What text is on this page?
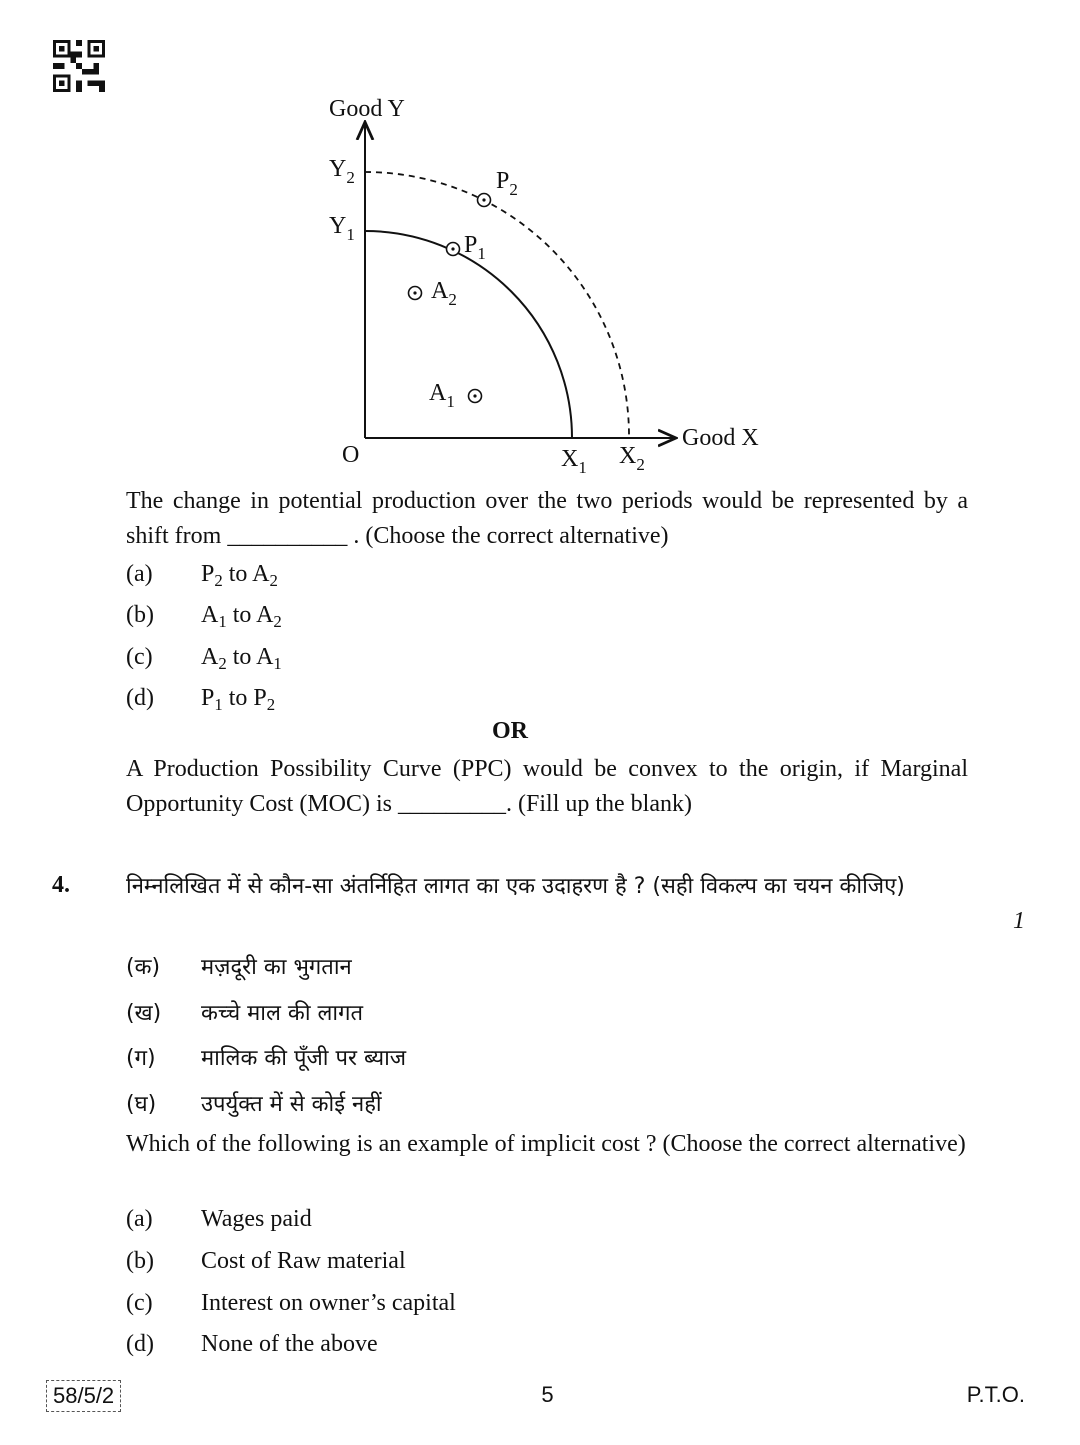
Good Y
Good X
O
$Y_2$
$Y_1$
$X_1$ $X_2$
$P_1$
$P_2$
$A_2$
$A_1$
The change in potential production over the two periods would be represented by a shift from __________ . (Choose the correct alternative)
(a) $P_2$ to $A_2$
(b) $A_1$ to $A_2$
(c) $A_2$ to $A_1$
(d) $P_1$ to $P_2$
OR
A Production Possibility Curve (PPC) would be convex to the origin, if Marginal Opportunity Cost (MOC) is _________. (Fill up the blank)
4.	निम्नलिखित में से कौन-सा अंतर्निहित लागत का एक उदाहरण है ? (सही विकल्प का चयन कीजिए)
1
(क) मज़दूरी का भुगतान
(ख) कच्चे माल की लागत
(ग) मालिक की पूँजी पर ब्याज
(घ) उपर्युक्त में से कोई नहीं
Which of the following is an example of implicit cost ? (Choose the correct alternative)
(a) Wages paid
(b) Cost of Raw material
(c) Interest on owner’s capital
(d) None of the above
58/5/2	5	P.T.O.
